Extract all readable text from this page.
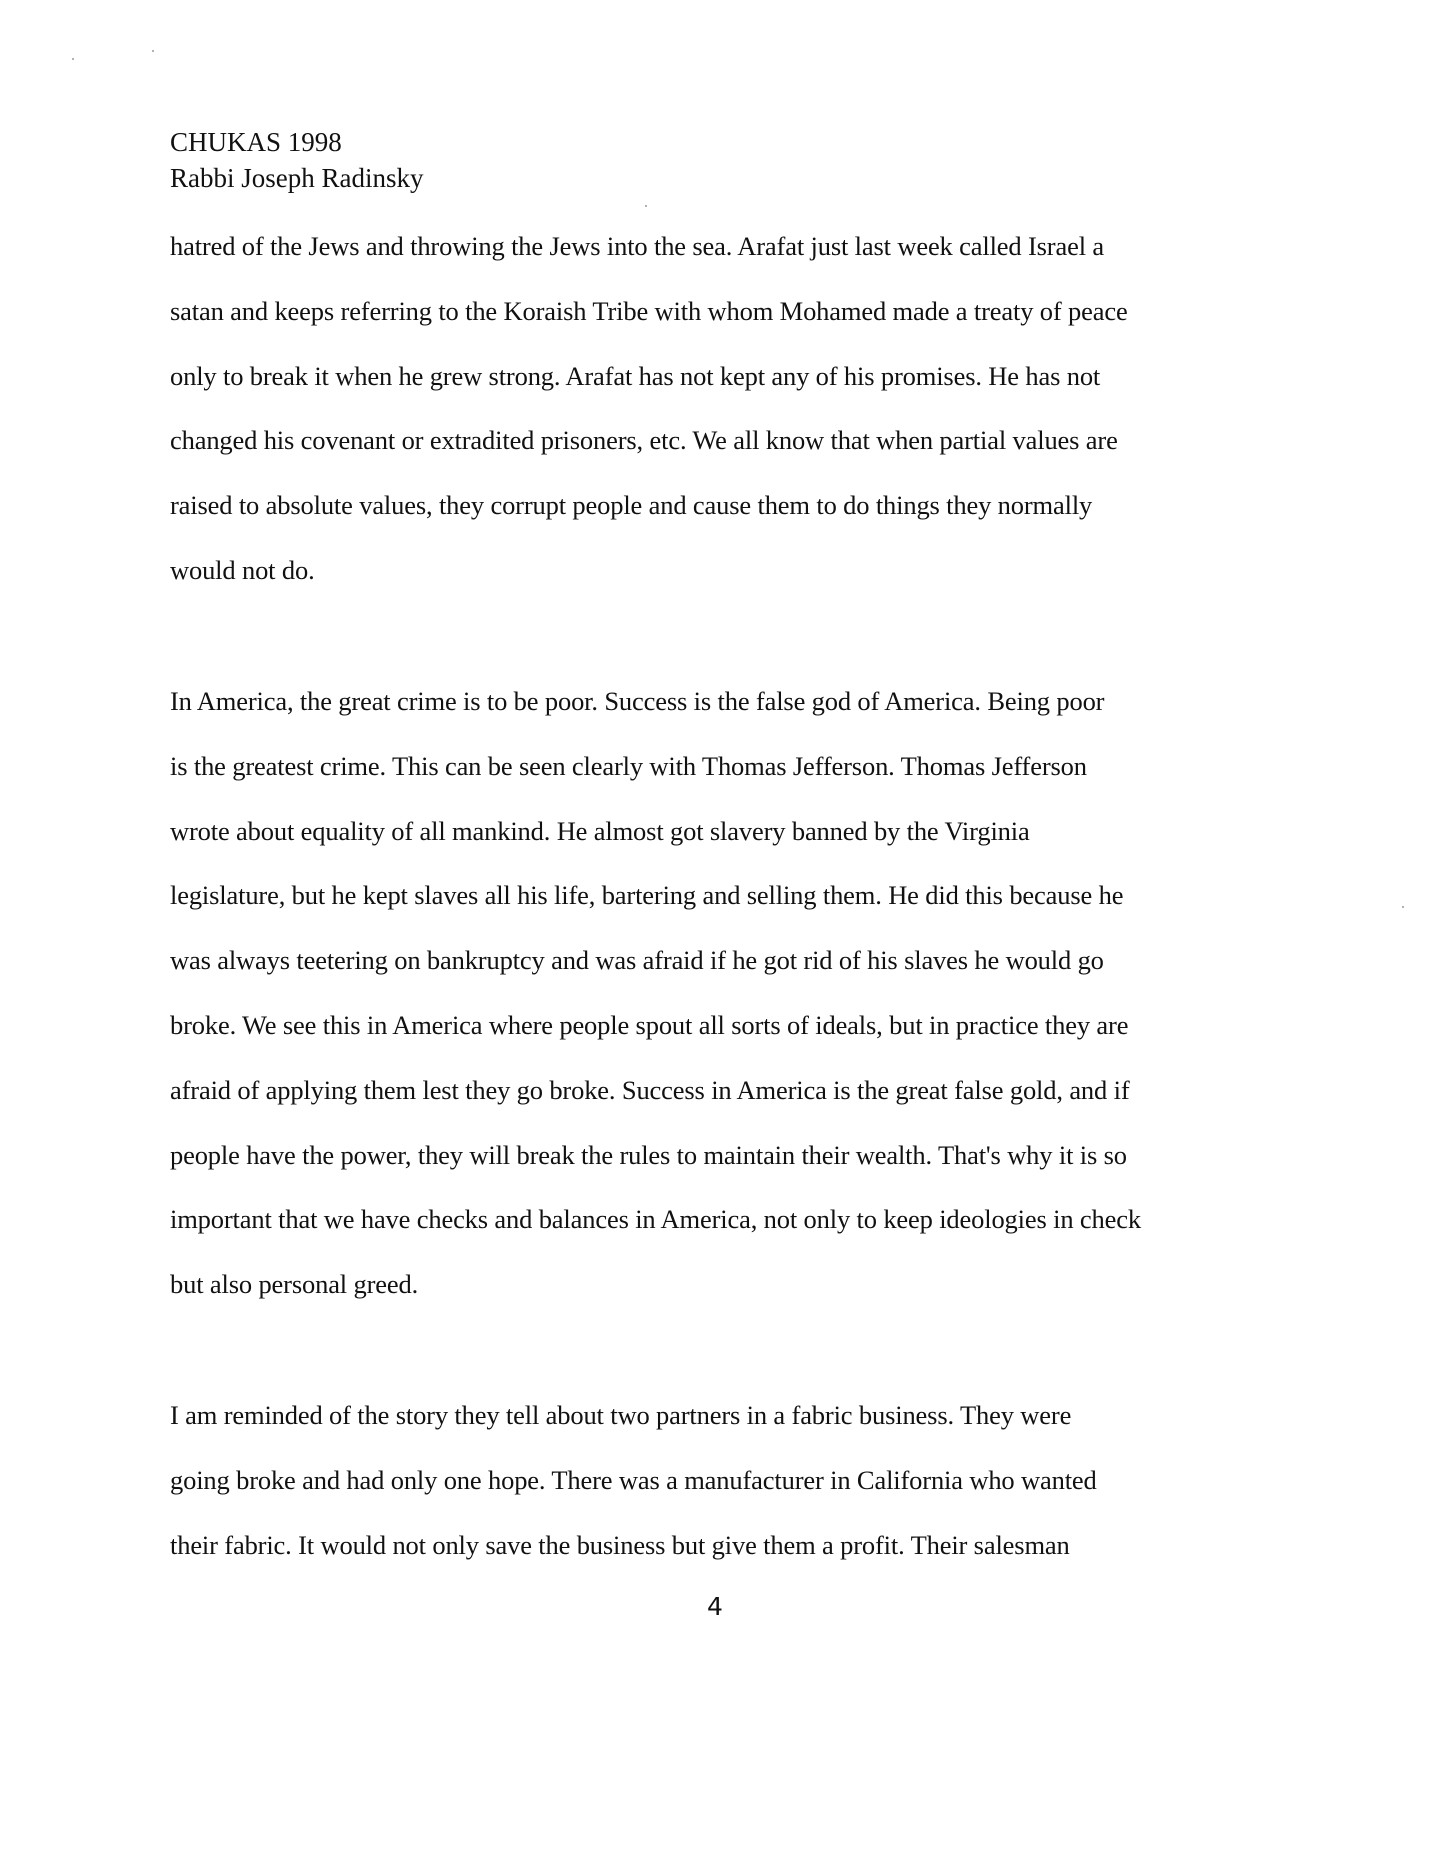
CHUKAS 1998
Rabbi Joseph Radinsky
hatred of the Jews and throwing the Jews into the sea. Arafat just last week called Israel a
satan and keeps referring to the Koraish Tribe with whom Mohamed made a treaty of peace
only to break it when he grew strong. Arafat has not kept any of his promises. He has not
changed his covenant or extradited prisoners, etc. We all know that when partial values are
raised to absolute values, they corrupt people and cause them to do things they normally
would not do.
In America, the great crime is to be poor. Success is the false god of America. Being poor
is the greatest crime. This can be seen clearly with Thomas Jefferson. Thomas Jefferson
wrote about equality of all mankind. He almost got slavery banned by the Virginia
legislature, but he kept slaves all his life, bartering and selling them. He did this because he
was always teetering on bankruptcy and was afraid if he got rid of his slaves he would go
broke. We see this in America where people spout all sorts of ideals, but in practice they are
afraid of applying them lest they go broke. Success in America is the great false gold, and if
people have the power, they will break the rules to maintain their wealth. That's why it is so
important that we have checks and balances in America, not only to keep ideologies in check
but also personal greed.
I am reminded of the story they tell about two partners in a fabric business. They were
going broke and had only one hope. There was a manufacturer in California who wanted
their fabric. It would not only save the business but give them a profit. Their salesman
4
